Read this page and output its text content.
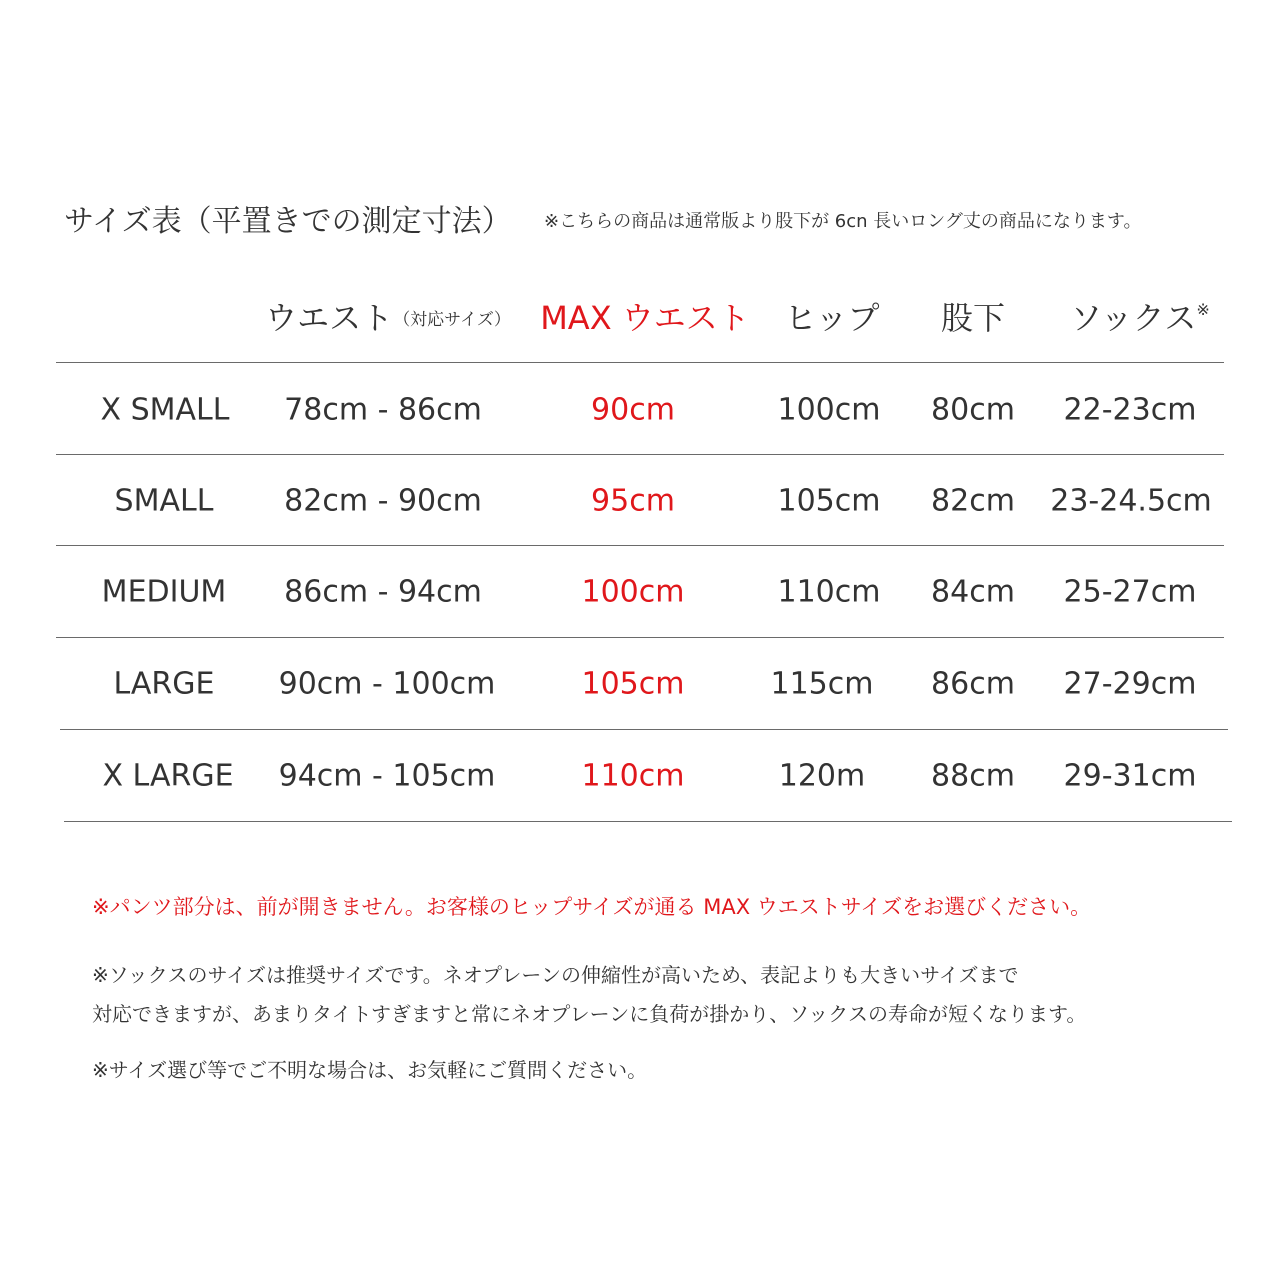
サイズ表（平置きでの測定寸法） ※こちらの商品は通常版より股下が 6cn 長いロング丈の商品になります。
ウエスト（対応サイズ） MAX ウエスト ヒップ 股下 ソックス※
X SMALL 78cm - 86cm	90cm	100cm 80cm 22-23cm
SMALL 82cm - 90cm	95cm	105cm 82cm 23-24.5cm
MEDIUM 86cm - 94cm	100cm	110cm 84cm 25-27cm
LARGE 90cm - 100cm	105cm	115cm 86cm 27-29cm
X LARGE 94cm - 105cm	110cm	120m 88cm 29-31cm
※パンツ部分は、前が開きません。お客様のヒップサイズが通る MAX ウエストサイズをお選びください。
※ソックスのサイズは推奨サイズです。ネオプレーンの伸縮性が高いため、表記よりも大きいサイズまで
対応できますが、あまりタイトすぎますと常にネオプレーンに負荷が掛かり、ソックスの寿命が短くなります。
※サイズ選び等でご不明な場合は、お気軽にご質問ください。
